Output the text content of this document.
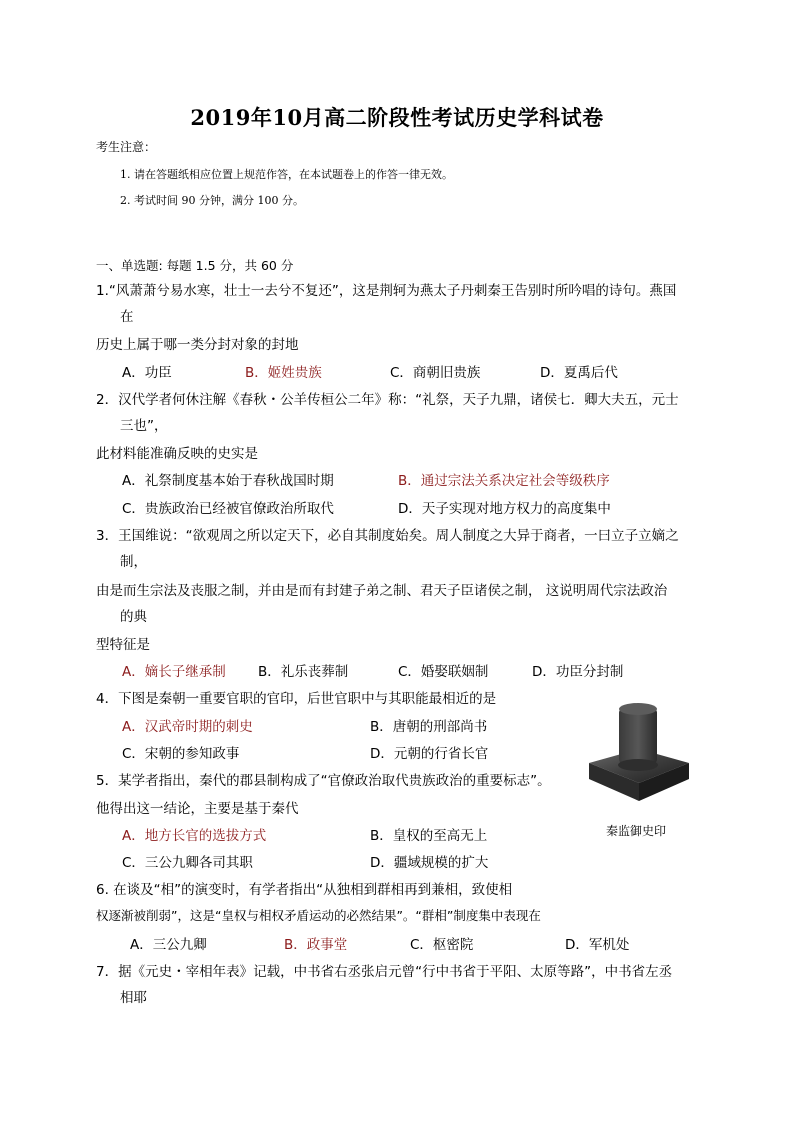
2019年10月高二阶段性考试历史学科试卷
考生注意：
1. 请在答题纸相应位置上规范作答，在本试题卷上的作答一律无效。
2. 考试时间 90 分钟，满分 100 分。
一、单选题: 每题 1.5 分，共 60 分
1.“风萧萧兮易水寒，壮士一去兮不复还”，这是荆轲为燕太子丹刺秦王告别时所吟唱的诗句。燕国
在
历史上属于哪一类分封对象的封地
A．功臣	B．姬姓贵族	C．商朝旧贵族	D．夏禹后代
2．汉代学者何休注解《春秋・公羊传桓公二年》称：“礼祭，天子九鼎，诸侯七．卿大夫五，元士
三也”，
此材料能准确反映的史实是
A．礼祭制度基本始于春秋战国时期	B．通过宗法关系决定社会等级秩序
C．贵族政治已经被官僚政治所取代	D．天子实现对地方权力的高度集中
3．王国维说：“欲观周之所以定天下，必自其制度始矣。周人制度之大异于商者，一曰立子立嫡之
制，
由是而生宗法及丧服之制，并由是而有封建子弟之制、君天子臣诸侯之制， 这说明周代宗法政治
的典
型特征是
A．嫡长子继承制 B．礼乐丧葬制	C．婚娶联姻制	D．功臣分封制
4．下图是秦朝一重要官职的官印，后世官职中与其职能最相近的是
A．汉武帝时期的刺史	B．唐朝的刑部尚书
C．宋朝的参知政事	D．元朝的行省长官
秦监御史印
5．某学者指出，秦代的郡县制构成了“官僚政治取代贵族政治的重要标志”。
他得出这一结论，主要是基于秦代
A．地方长官的选拔方式	B．皇权的至高无上
C．三公九卿各司其职	D．疆域规模的扩大
6. 在谈及“相”的演变时，有学者指出“从独相到群相再到兼相，致使相
权逐渐被削弱”，这是“皇权与相权矛盾运动的必然结果”。“群相”制度集中表现在
A．三公九卿	B．政事堂	C．枢密院	D．军机处
7．据《元史・宰相年表》记载，中书省右丞张启元曾“行中书省于平阳、太原等路”，中书省左丞
相耶
